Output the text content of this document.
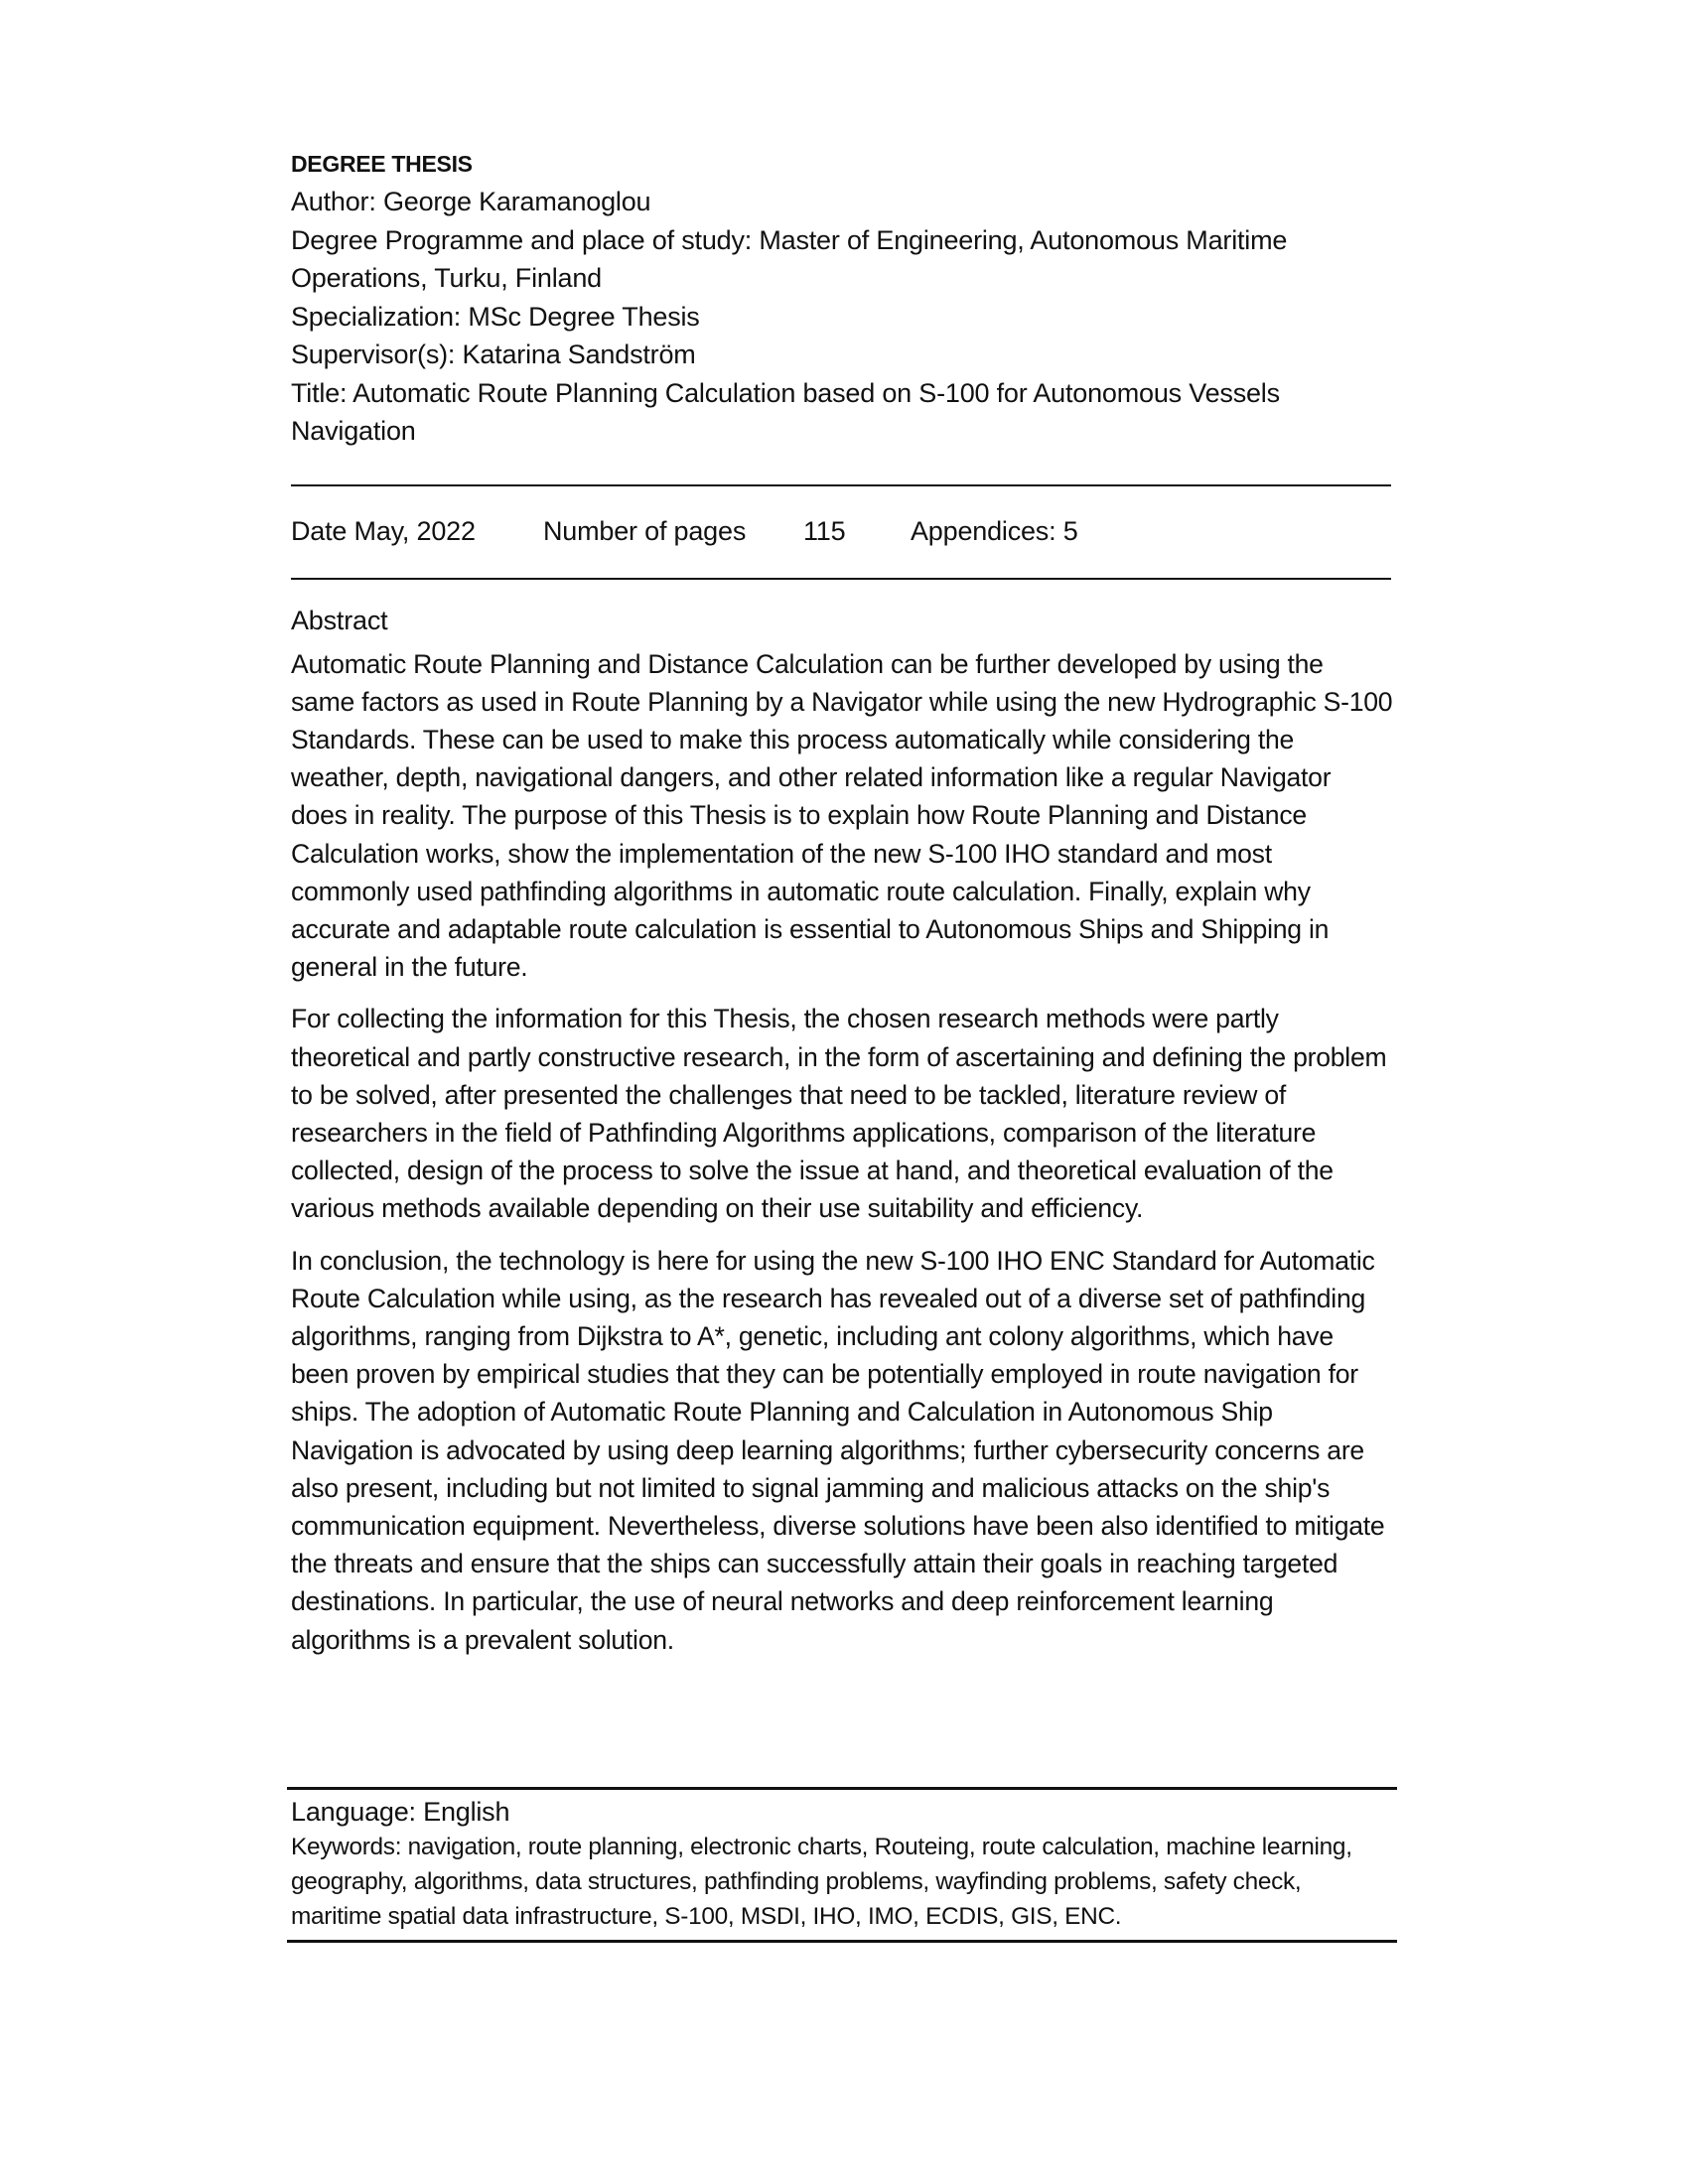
DEGREE THESIS

Author: George Karamanoglou

Degree Programme and place of study: Master of Engineering, Autonomous Maritime Operations, Turku, Finland

Specialization: MSc Degree Thesis

Supervisor(s): Katarina Sandström

Title: Automatic Route Planning Calculation based on S-100 for Autonomous Vessels Navigation

Date May, 2022	Number of pages	115	Appendices: 5
Abstract

Automatic Route Planning and Distance Calculation can be further developed by using the same factors as used in Route Planning by a Navigator while using the new Hydrographic S-100 Standards. These can be used to make this process automatically while considering the weather, depth, navigational dangers, and other related information like a regular Navigator does in reality. The purpose of this Thesis is to explain how Route Planning and Distance Calculation works, show the implementation of the new S-100 IHO standard and most commonly used pathfinding algorithms in automatic route calculation. Finally, explain why accurate and adaptable route calculation is essential to Autonomous Ships and Shipping in general in the future.

For collecting the information for this Thesis, the chosen research methods were partly theoretical and partly constructive research, in the form of ascertaining and defining the problem to be solved, after presented the challenges that need to be tackled, literature review of researchers in the field of Pathfinding Algorithms applications, comparison of the literature collected, design of the process to solve the issue at hand, and theoretical evaluation of the various methods available depending on their use suitability and efficiency.

In conclusion, the technology is here for using the new S-100 IHO ENC Standard for Automatic Route Calculation while using, as the research has revealed out of a diverse set of pathfinding algorithms, ranging from Dijkstra to A*, genetic, including ant colony algorithms, which have been proven by empirical studies that they can be potentially employed in route navigation for ships. The adoption of Automatic Route Planning and Calculation in Autonomous Ship Navigation is advocated by using deep learning algorithms; further cybersecurity concerns are also present, including but not limited to signal jamming and malicious attacks on the ship's communication equipment. Nevertheless, diverse solutions have been also identified to mitigate the threats and ensure that the ships can successfully attain their goals in reaching targeted destinations. In particular, the use of neural networks and deep reinforcement learning algorithms is a prevalent solution.

Language: English

Keywords: navigation, route planning, electronic charts, Routeing, route calculation, machine learning, geography, algorithms, data structures, pathfinding problems, wayfinding problems, safety check, maritime spatial data infrastructure, S-100, MSDI, IHO, IMO, ECDIS, GIS, ENC.
